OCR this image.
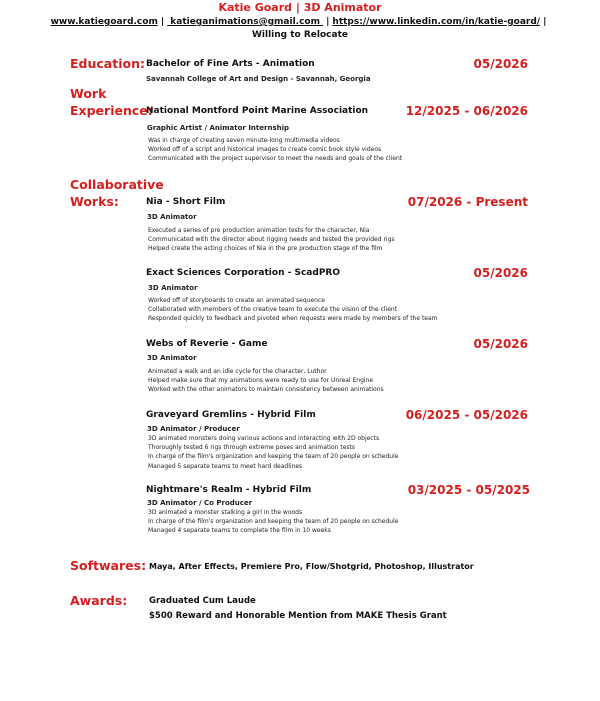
Katie Goard | 3D Animator
www.katiegoard.com | katieganimations@gmail.com | https://www.linkedin.com/in/katie-goard/ |
Willing to Relocate
Education: Bachelor of Fine Arts - Animation	05/2026
Savannah College of Art and Design - Savannah, Georgia
Work
Experience:
National Montford Point Marine Association	12/2025 - 06/2026
Graphic Artist / Animator Internship
Was in charge of creating seven minute-long multimedia videos
Worked off of a script and historical images to create comic book style videos
Communicated with the project supervisor to meet the needs and goals of the client
Collaborative
Works:	Nia - Short Film	07/2026 - Present
3D Animator
Executed a series of pre production animation tests for the character, Nia
Communicated with the director about rigging needs and tested the provided rigs
Helped create the acting choices of Nia in the pre production stage of the film
Exact Sciences Corporation - ScadPRO	05/2026
3D Animator
Worked off of storyboards to create an animated sequence
Collaborated with members of the creative team to execute the vision of the client
Responded quickly to feedback and pivoted when requests were made by members of the team
Webs of Reverie - Game	05/2026
3D Animator
Animated a walk and an idle cycle for the character, Luthor
Helped make sure that my animations were ready to use for Unreal Engine
Worked with the other animators to maintain consistency between animations
Graveyard Gremlins - Hybrid Film	06/2025 - 05/2026
3D Animator / Producer
3D animated monsters doing various actions and interacting with 2D objects
Thoroughly tested 6 rigs through extreme poses and animation tests
In charge of the film's organization and keeping the team of 20 people on schedule
Managed 5 separate teams to meet hard deadlines
Nightmare's Realm - Hybrid Film	03/2025 - 05/2025
3D Animator / Co Producer
3D animated a monster stalking a girl in the woods
In charge of the film's organization and keeping the team of 20 people on schedule
Managed 4 separate teams to complete the film in 10 weeks
Softwares: Maya, After Effects, Premiere Pro, Flow/Shotgrid, Photoshop, Illustrator
Awards:	Graduated Cum Laude
$500 Reward and Honorable Mention from MAKE Thesis Grant
